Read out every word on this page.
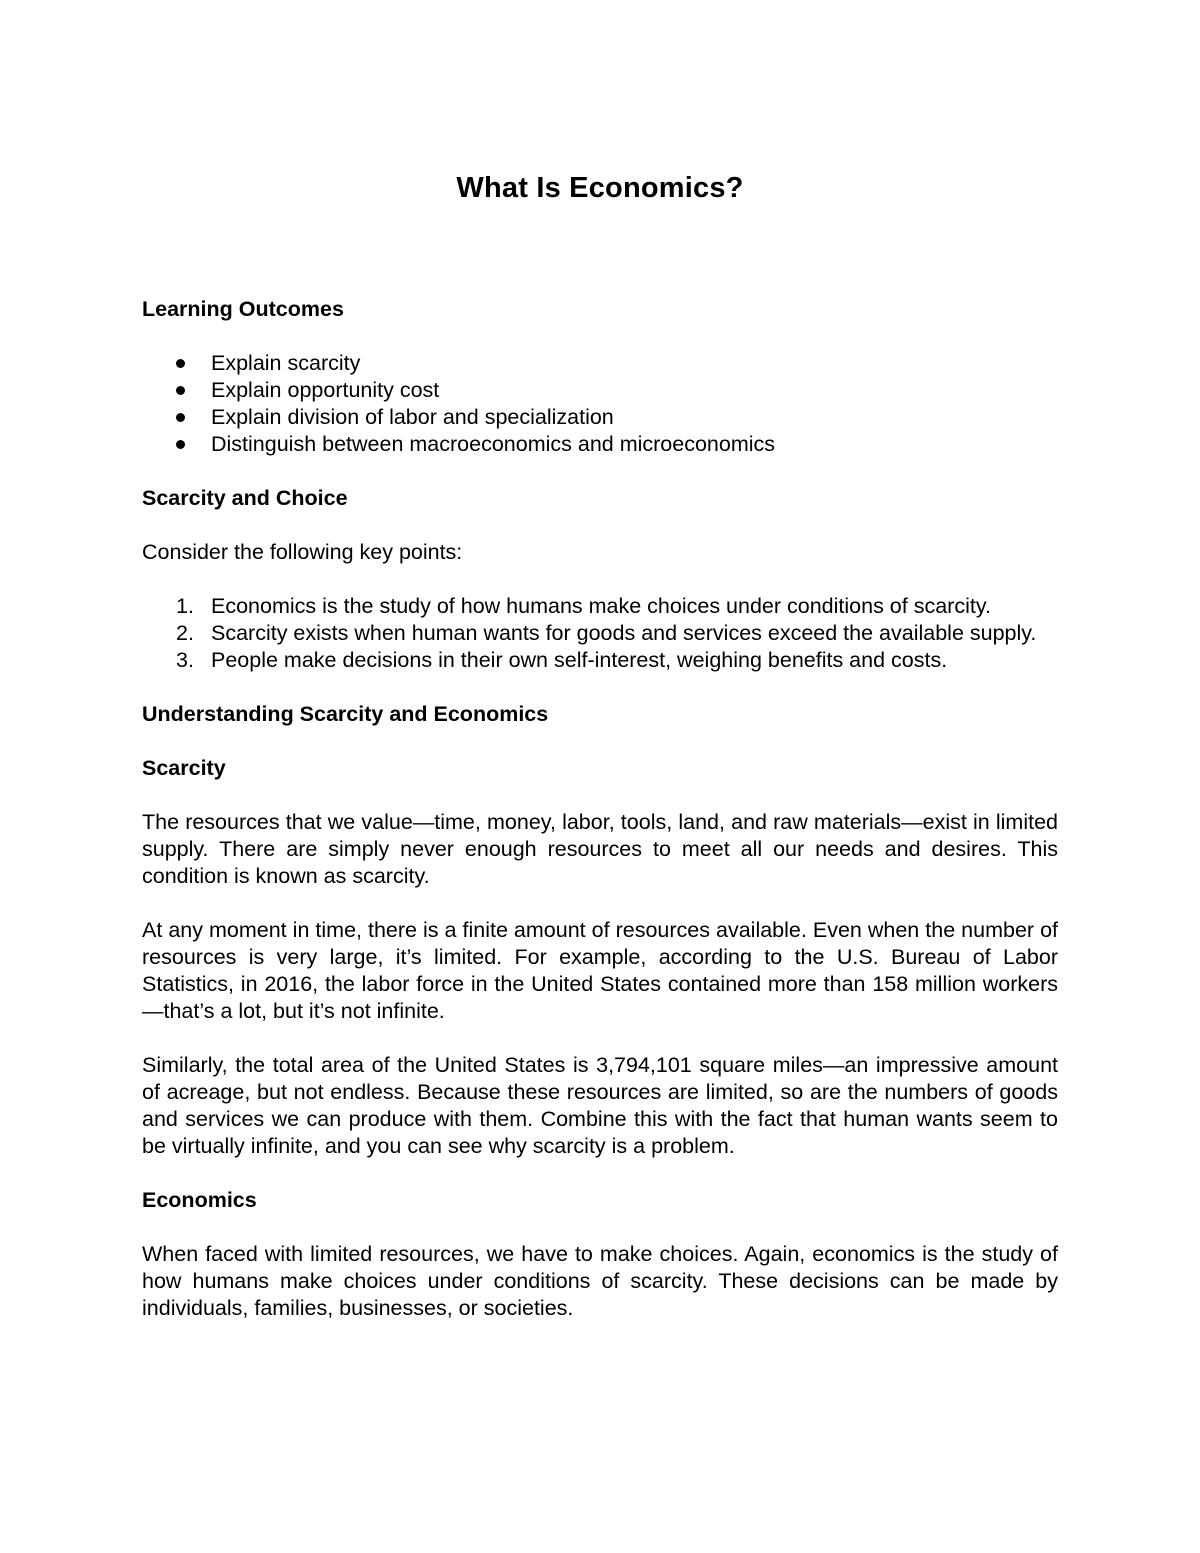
What Is Economics?
Learning Outcomes
Explain scarcity
Explain opportunity cost
Explain division of labor and specialization
Distinguish between macroeconomics and microeconomics
Scarcity and Choice

Consider the following key points:

1. Economics is the study of how humans make choices under conditions of scarcity.
2. Scarcity exists when human wants for goods and services exceed the available supply.
3. People make decisions in their own self-interest, weighing benefits and costs.
Understanding Scarcity and Economics
Scarcity

The resources that we value—time, money, labor, tools, land, and raw materials—exist in limited supply. There are simply never enough resources to meet all our needs and desires. This condition is known as scarcity.

At any moment in time, there is a finite amount of resources available. Even when the number of resources is very large, it’s limited. For example, according to the U.S. Bureau of Labor Statistics, in 2016, the labor force in the United States contained more than 158 million workers—that’s a lot, but it’s not infinite.

Similarly, the total area of the United States is 3,794,101 square miles—an impressive amount of acreage, but not endless. Because these resources are limited, so are the numbers of goods and services we can produce with them. Combine this with the fact that human wants seem to be virtually infinite, and you can see why scarcity is a problem.

Economics

When faced with limited resources, we have to make choices. Again, economics is the study of how humans make choices under conditions of scarcity. These decisions can be made by individuals, families, businesses, or societies.
